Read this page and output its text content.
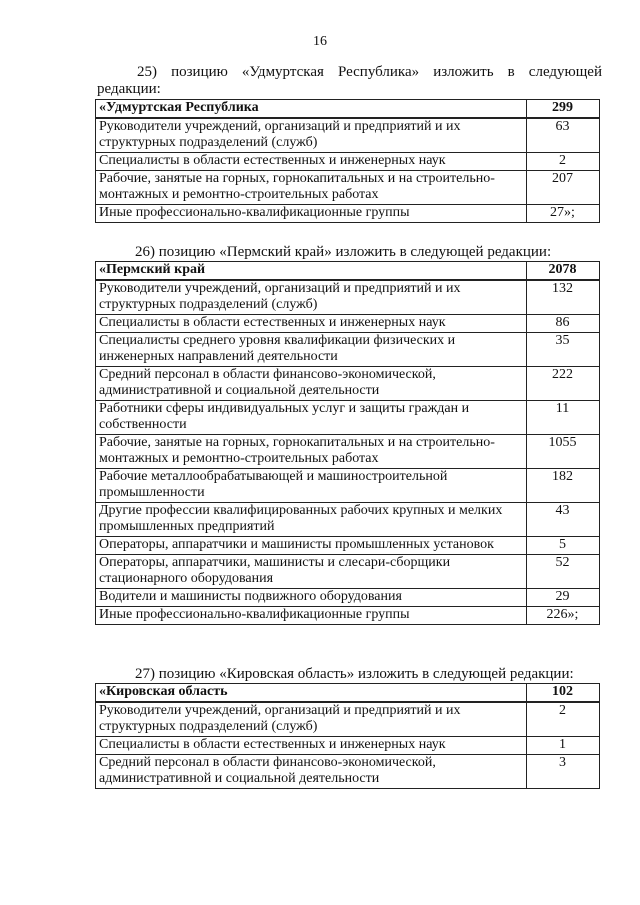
16
25) позицию «Удмуртская Республика» изложить в следующей редакции:
«Удмуртская Республика	299
Руководители учреждений, организаций и предприятий и их структурных подразделений (служб)	63
Специалисты в области естественных и инженерных наук	2
Рабочие, занятые на горных, горнокапитальных и на строительно-монтажных и ремонтно-строительных работах	207
Иные профессионально-квалификационные группы	27»;
26) позицию «Пермский край» изложить в следующей редакции:
«Пермский край	2078
Руководители учреждений, организаций и предприятий и их структурных подразделений (служб)	132
Специалисты в области естественных и инженерных наук	86
Специалисты среднего уровня квалификации физических и инженерных направлений деятельности	35
Средний персонал в области финансово-экономической, административной и социальной деятельности	222
Работники сферы индивидуальных услуг и защиты граждан и собственности	11
Рабочие, занятые на горных, горнокапитальных и на строительно-монтажных и ремонтно-строительных работах	1055
Рабочие металлообрабатывающей и машиностроительной промышленности	182
Другие профессии квалифицированных рабочих крупных и мелких промышленных предприятий	43
Операторы, аппаратчики и машинисты промышленных установок	5
Операторы, аппаратчики, машинисты и слесари-сборщики стационарного оборудования	52
Водители и машинисты подвижного оборудования	29
Иные профессионально-квалификационные группы	226»;
27) позицию «Кировская область» изложить в следующей редакции:
«Кировская область	102
Руководители учреждений, организаций и предприятий и их структурных подразделений (служб)	2
Специалисты в области естественных и инженерных наук	1
Средний персонал в области финансово-экономической, административной и социальной деятельности	3
